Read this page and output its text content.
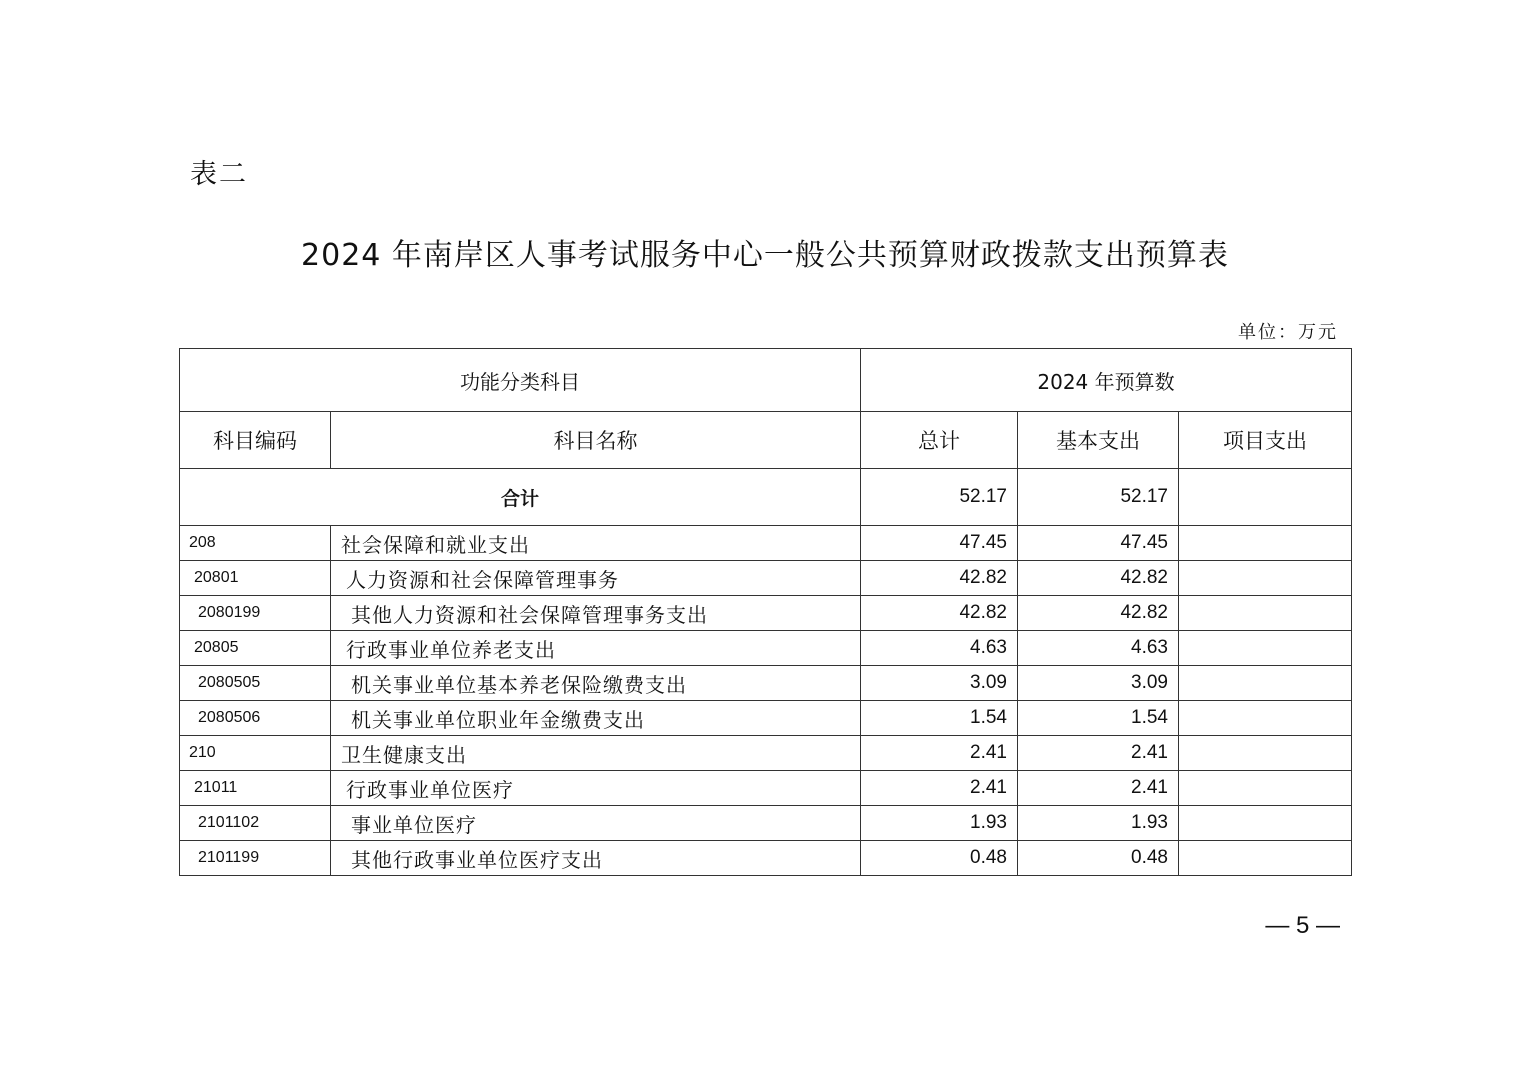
表二
2024 年南岸区人事考试服务中心一般公共预算财政拨款支出预算表
单位：万元
功能分类科目		2024 年预算数		
科目编码	科目名称	总计	基本支出	项目支出
合计		52.17	52.17	
208	社会保障和就业支出	47.45	47.45	
20801	人力资源和社会保障管理事务	42.82	42.82	
2080199	其他人力资源和社会保障管理事务支出	42.82	42.82	
20805	行政事业单位养老支出	4.63	4.63	
2080505	机关事业单位基本养老保险缴费支出	3.09	3.09	
2080506	机关事业单位职业年金缴费支出	1.54	1.54	
210	卫生健康支出	2.41	2.41	
21011	行政事业单位医疗	2.41	2.41	
2101102	事业单位医疗	1.93	1.93	
2101199	其他行政事业单位医疗支出	0.48	0.48	
— 5 —
